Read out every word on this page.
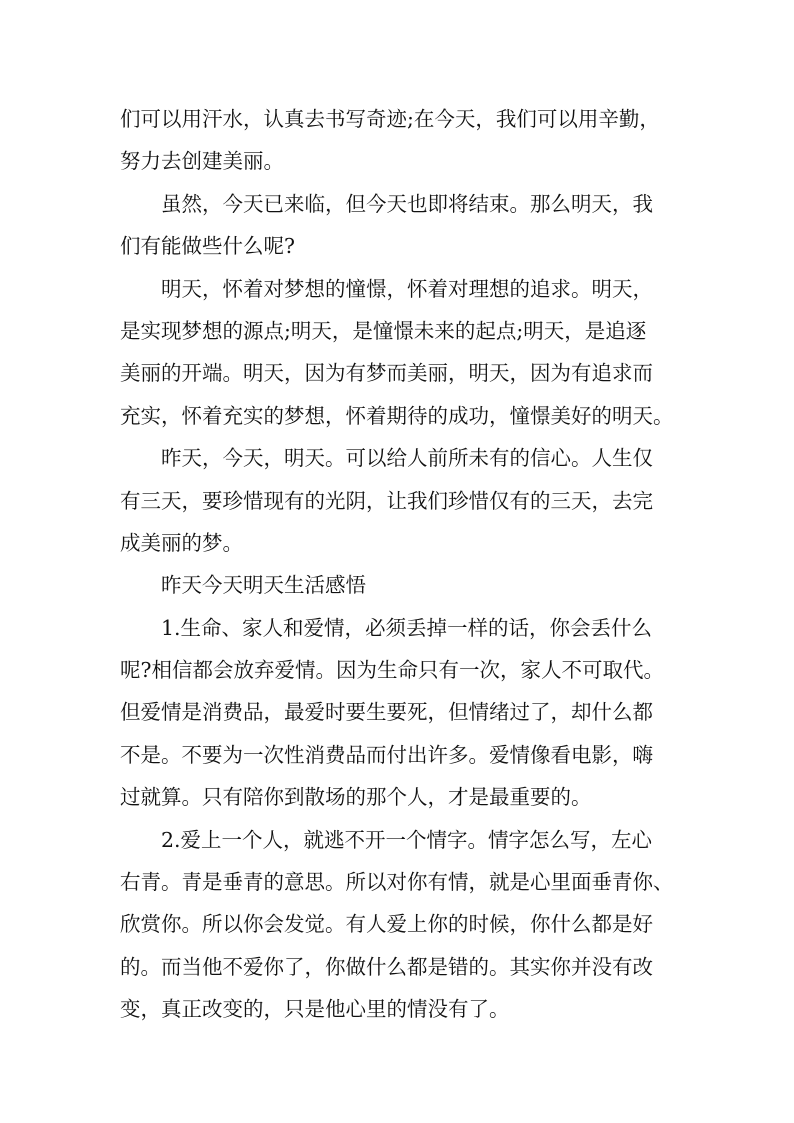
们可以用汗水，认真去书写奇迹;在今天，我们可以用辛勤，
努力去创建美丽。
虽然，今天已来临，但今天也即将结束。那么明天，我
们有能做些什么呢?
明天，怀着对梦想的憧憬，怀着对理想的追求。明天，
是实现梦想的源点;明天，是憧憬未来的起点;明天，是追逐
美丽的开端。明天，因为有梦而美丽，明天，因为有追求而
充实，怀着充实的梦想，怀着期待的成功，憧憬美好的明天。
昨天，今天，明天。可以给人前所未有的信心。人生仅
有三天，要珍惜现有的光阴，让我们珍惜仅有的三天，去完
成美丽的梦。
昨天今天明天生活感悟
1.生命、家人和爱情，必须丢掉一样的话，你会丢什么
呢?相信都会放弃爱情。因为生命只有一次，家人不可取代。
但爱情是消费品，最爱时要生要死，但情绪过了，却什么都
不是。不要为一次性消费品而付出许多。爱情像看电影，嗨
过就算。只有陪你到散场的那个人，才是最重要的。
2.爱上一个人，就逃不开一个情字。情字怎么写，左心
右青。青是垂青的意思。所以对你有情，就是心里面垂青你、
欣赏你。所以你会发觉。有人爱上你的时候，你什么都是好
的。而当他不爱你了，你做什么都是错的。其实你并没有改
变，真正改变的，只是他心里的情没有了。
